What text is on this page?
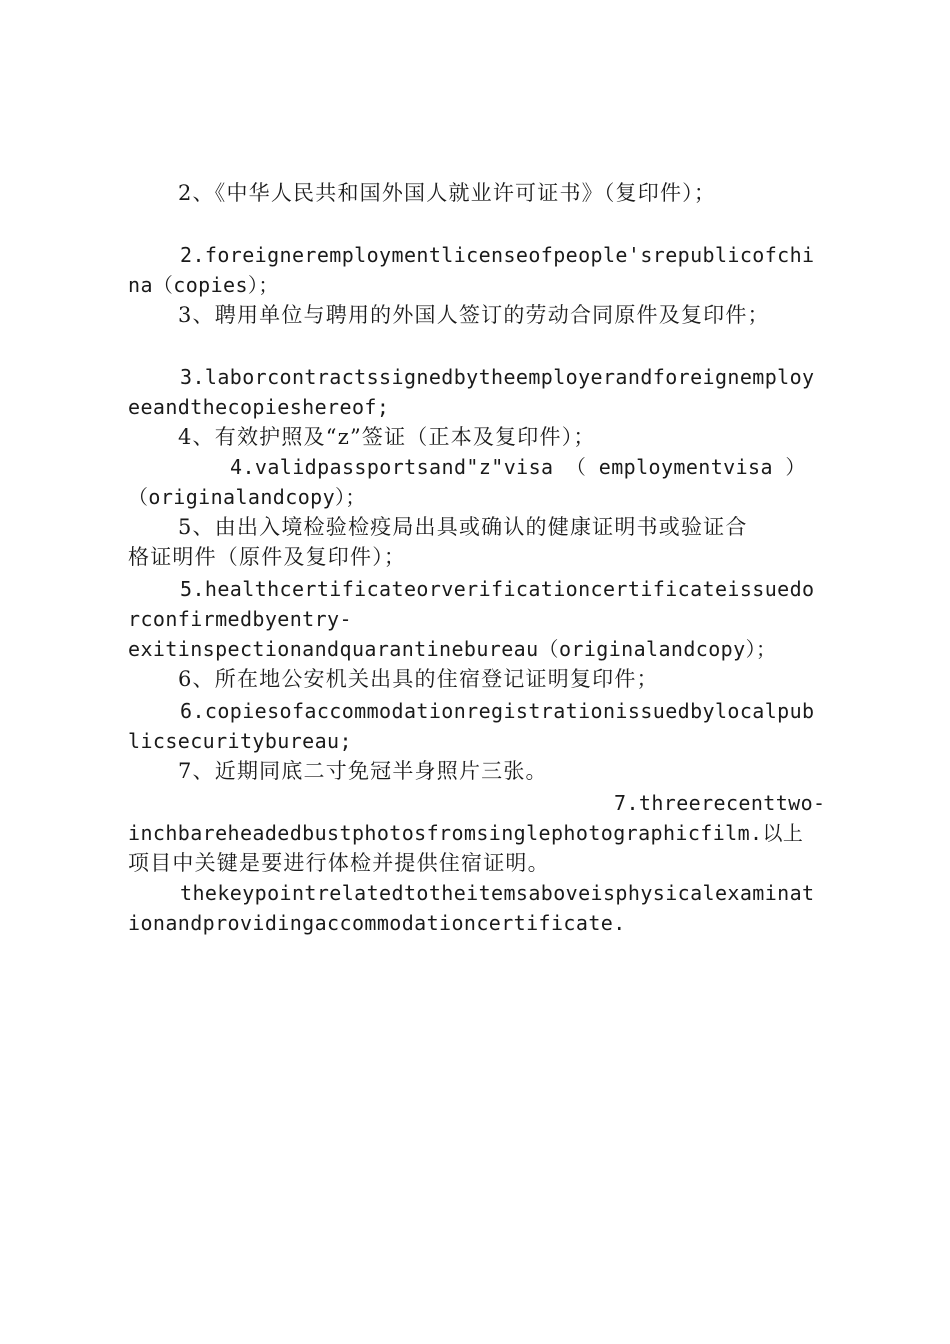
2、《中华人民共和国外国人就业许可证书》（复印件）；
2.foreigneremploymentlicenseofpeople'srepublicofchi
na（copies）；
3、聘用单位与聘用的外国人签订的劳动合同原件及复印件；
3.laborcontractssignedbytheemployerandforeignemploy
eeandthecopieshereof;
4、有效护照及“z”签证（正本及复印件）；
4.validpassportsand"z"visa （ employmentvisa ）
（originalandcopy）；
5、由出入境检验检疫局出具或确认的健康证明书或验证合
格证明件（原件及复印件）；
5.healthcertificateorverificationcertificateissuedo
rconfirmedbyentry-
exitinspectionandquarantinebureau（originalandcopy）；
6、所在地公安机关出具的住宿登记证明复印件；
6.copiesofaccommodationregistrationissuedbylocalpub
licsecuritybureau;
7、近期同底二寸免冠半身照片三张。
7.threerecenttwo-
inchbareheadedbustphotosfromsinglephotographicfilm.以上
项目中关键是要进行体检并提供住宿证明。
thekeypointrelatedtotheitemsaboveisphysicalexaminat
ionandprovidingaccommodationcertificate.
